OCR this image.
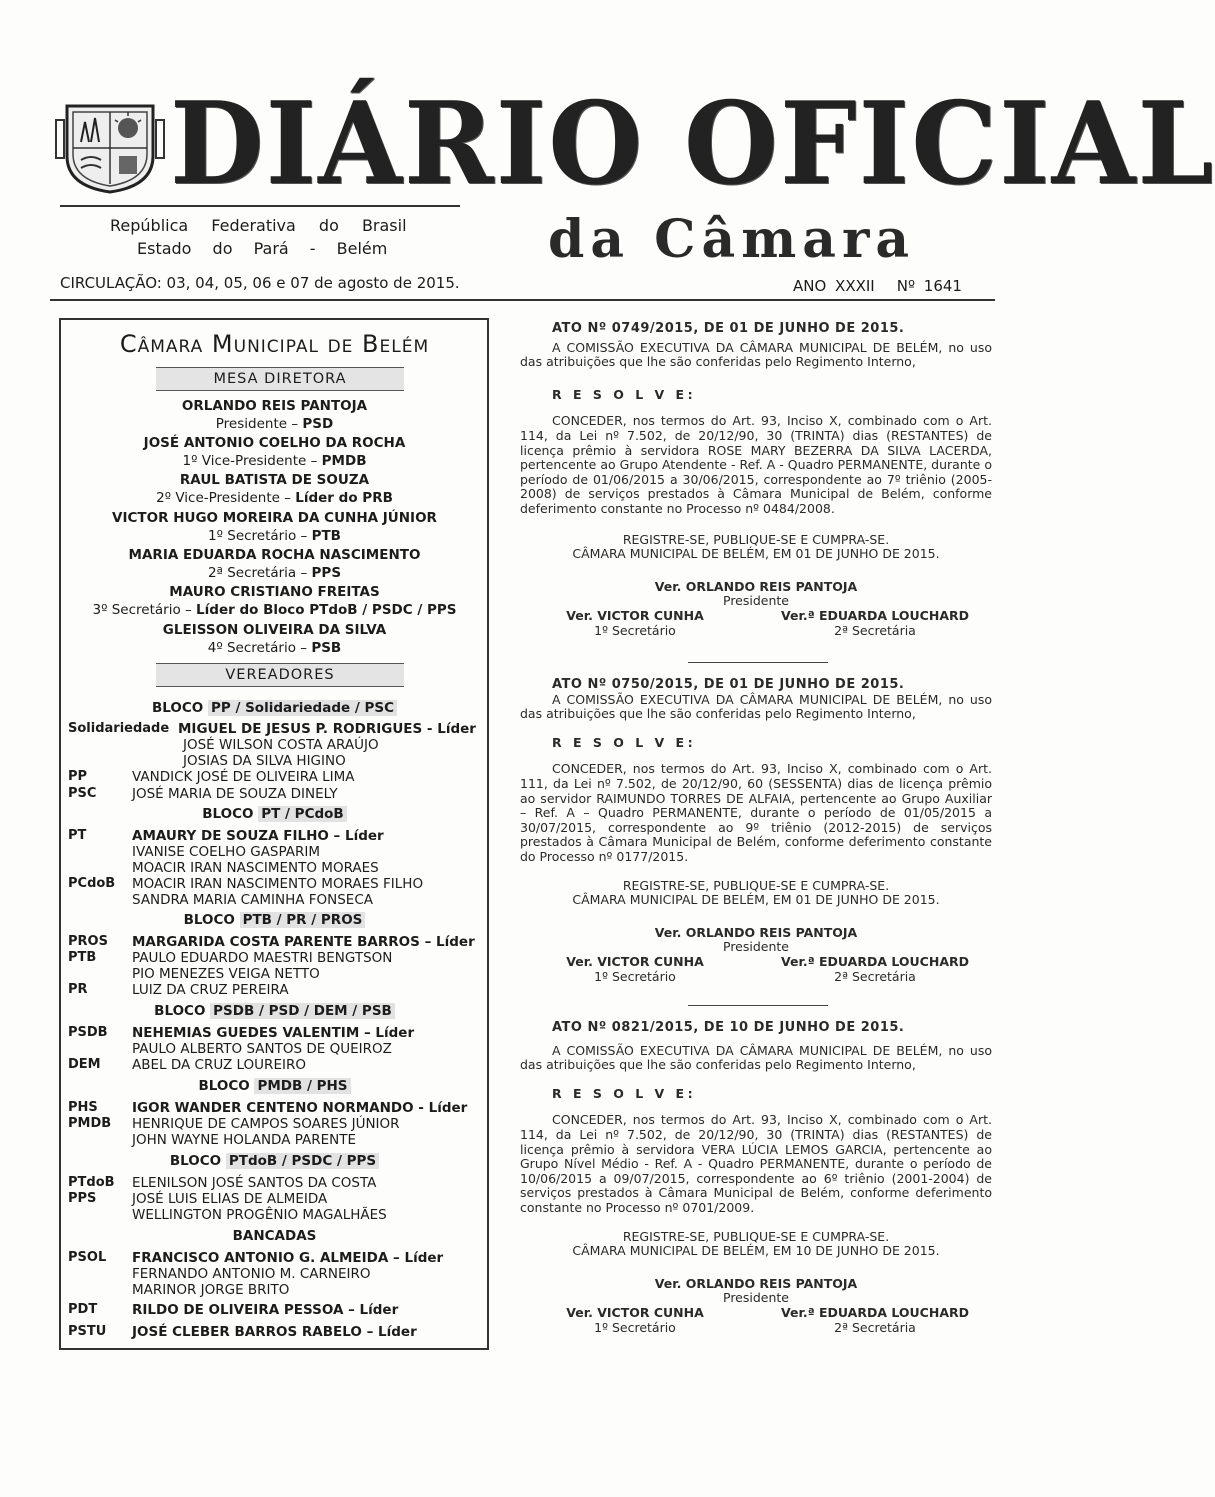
DIÁRIO OFICIAL
República Federativa do Brasil
Estado do Pará - Belém	da Câmara
CIRCULAÇÃO: 03, 04, 05, 06 e 07 de agosto de 2015.	ANO XXXII Nº 1641
Câmara Municipal de Belém
MESA DIRETORA
ORLANDO REIS PANTOJA
Presidente – PSD
JOSÉ ANTONIO COELHO DA ROCHA
1º Vice-Presidente – PMDB
RAUL BATISTA DE SOUZA
2º Vice-Presidente – Líder do PRB
VICTOR HUGO MOREIRA DA CUNHA JÚNIOR
1º Secretário – PTB
MARIA EDUARDA ROCHA NASCIMENTO
2ª Secretária – PPS
MAURO CRISTIANO FREITAS
3º Secretário – Líder do Bloco PTdoB / PSDC / PPS
GLEISSON OLIVEIRA DA SILVA
4º Secretário – PSB
VEREADORES
BLOCO PP / Solidariedade / PSC
Solidariedade MIGUEL DE JESUS P. RODRIGUES - Líder
JOSÉ WILSON COSTA ARAÚJO
JOSIAS DA SILVA HIGINO
PP	VANDICK JOSÉ DE OLIVEIRA LIMA
PSC	JOSÉ MARIA DE SOUZA DINELY
BLOCO PT / PCdoB
PT	AMAURY DE SOUZA FILHO – Líder
IVANISE COELHO GASPARIM
MOACIR IRAN NASCIMENTO MORAES
PCdoB MOACIR IRAN NASCIMENTO MORAES FILHO
SANDRA MARIA CAMINHA FONSECA
BLOCO PTB / PR / PROS
PROS MARGARIDA COSTA PARENTE BARROS – Líder
PTB	PAULO EDUARDO MAESTRI BENGTSON
PIO MENEZES VEIGA NETTO
PR	LUIZ DA CRUZ PEREIRA
BLOCO PSDB / PSD / DEM / PSB
PSDB NEHEMIAS GUEDES VALENTIM – Líder
PAULO ALBERTO SANTOS DE QUEIROZ
DEM ABEL DA CRUZ LOUREIRO
BLOCO PMDB / PHS
PHS	IGOR WANDER CENTENO NORMANDO - Líder
PMDB HENRIQUE DE CAMPOS SOARES JÚNIOR
JOHN WAYNE HOLANDA PARENTE
BLOCO PTdoB / PSDC / PPS
PTdoB ELENILSON JOSÉ SANTOS DA COSTA
PPS	JOSÉ LUIS ELIAS DE ALMEIDA
WELLINGTON PROGÊNIO MAGALHÃES
BANCADAS
PSOL FRANCISCO ANTONIO G. ALMEIDA – Líder
FERNANDO ANTONIO M. CARNEIRO
MARINOR JORGE BRITO
PDT	RILDO DE OLIVEIRA PESSOA – Líder
PSTU JOSÉ CLEBER BARROS RABELO – Líder
ATO Nº 0749/2015, DE 01 DE JUNHO DE 2015.
A COMISSÃO EXECUTIVA DA CÂMARA MUNICIPAL DE BELÉM, no uso das atribuições que lhe são conferidas pelo Regimento Interno,
R E S O L V E:
CONCEDER, nos termos do Art. 93, Inciso X, combinado com o Art. 114, da Lei nº 7.502, de 20/12/90, 30 (TRINTA) dias (RESTANTES) de licença prêmio à servidora ROSE MARY BEZERRA DA SILVA LACERDA, pertencente ao Grupo Atendente - Ref. A - Quadro PERMANENTE, durante o período de 01/06/2015 a 30/06/2015, correspondente ao 7º triênio (2005-2008) de serviços prestados à Câmara Municipal de Belém, conforme deferimento constante no Processo nº 0484/2008.
REGISTRE-SE, PUBLIQUE-SE E CUMPRA-SE.
CÂMARA MUNICIPAL DE BELÉM, EM 01 DE JUNHO DE 2015.
Ver. ORLANDO REIS PANTOJA
Presidente
Ver. VICTOR CUNHA
1º Secretário
Ver.ª EDUARDA LOUCHARD
2ª Secretária
ATO Nº 0750/2015, DE 01 DE JUNHO DE 2015.
A COMISSÃO EXECUTIVA DA CÂMARA MUNICIPAL DE BELÉM, no uso das atribuições que lhe são conferidas pelo Regimento Interno,
R E S O L V E:
CONCEDER, nos termos do Art. 93, Inciso X, combinado com o Art. 111, da Lei nº 7.502, de 20/12/90, 60 (SESSENTA) dias de licença prêmio ao servidor RAIMUNDO TORRES DE ALFAIA, pertencente ao Grupo Auxiliar – Ref. A – Quadro PERMANENTE, durante o período de 01/05/2015 a 30/07/2015, correspondente ao 9º triênio (2012-2015) de serviços prestados à Câmara Municipal de Belém, conforme deferimento constante do Processo nº 0177/2015.
REGISTRE-SE, PUBLIQUE-SE E CUMPRA-SE.
CÂMARA MUNICIPAL DE BELÉM, EM 01 DE JUNHO DE 2015.
Ver. ORLANDO REIS PANTOJA
Presidente
Ver. VICTOR CUNHA
1º Secretário
Ver.ª EDUARDA LOUCHARD
2ª Secretária
ATO Nº 0821/2015, DE 10 DE JUNHO DE 2015.
A COMISSÃO EXECUTIVA DA CÂMARA MUNICIPAL DE BELÉM, no uso das atribuições que lhe são conferidas pelo Regimento Interno,
R E S O L V E:
CONCEDER, nos termos do Art. 93, Inciso X, combinado com o Art. 114, da Lei nº 7.502, de 20/12/90, 30 (TRINTA) dias (RESTANTES) de licença prêmio à servidora VERA LÚCIA LEMOS GARCIA, pertencente ao Grupo Nível Médio - Ref. A - Quadro PERMANENTE, durante o período de 10/06/2015 a 09/07/2015, correspondente ao 6º triênio (2001-2004) de serviços prestados à Câmara Municipal de Belém, conforme deferimento constante no Processo nº 0701/2009.
REGISTRE-SE, PUBLIQUE-SE E CUMPRA-SE.
CÂMARA MUNICIPAL DE BELÉM, EM 10 DE JUNHO DE 2015.
Ver. ORLANDO REIS PANTOJA
Presidente
Ver. VICTOR CUNHA
1º Secretário
Ver.ª EDUARDA LOUCHARD
2ª Secretária
